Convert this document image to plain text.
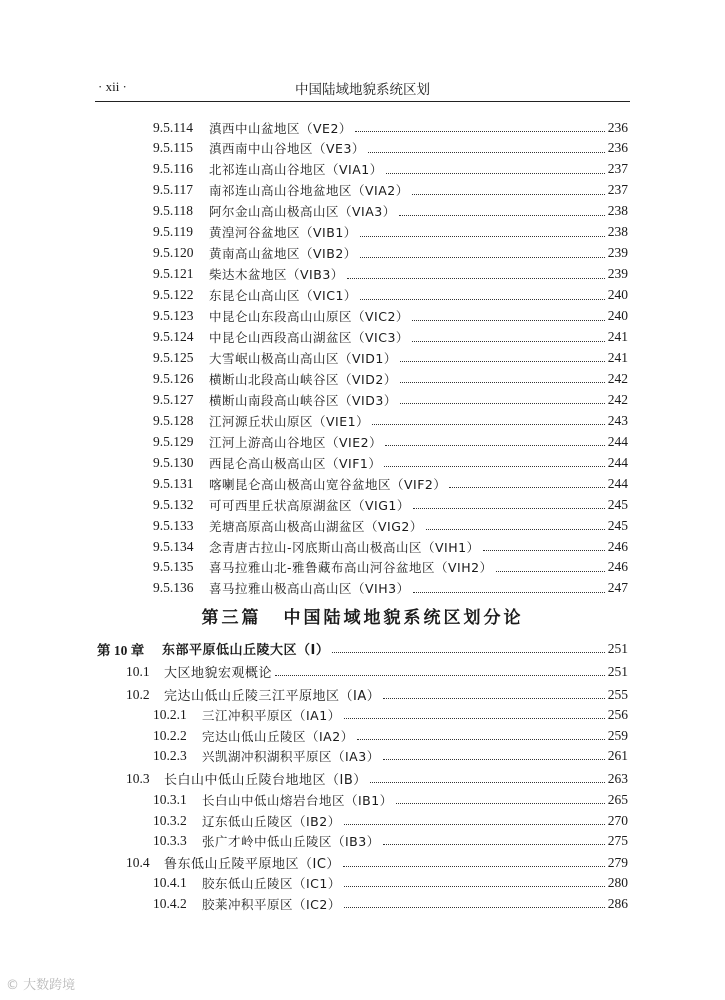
· xii ·	中国陆域地貌系统区划
9.5.114	滇西中山盆地区（VE2）	236
9.5.115	滇西南中山谷地区（VE3）	236
9.5.116	北祁连山高山谷地区（VIA1）	237
9.5.117	南祁连山高山谷地盆地区（VIA2）	237
9.5.118	阿尔金山高山极高山区（VIA3）	238
9.5.119	黄湟河谷盆地区（VIB1）	238
9.5.120	黄南高山盆地区（VIB2）	239
9.5.121	柴达木盆地区（VIB3）	239
9.5.122	东昆仑山高山区（VIC1）	240
9.5.123	中昆仑山东段高山山原区（VIC2）	240
9.5.124	中昆仑山西段高山湖盆区（VIC3）	241
9.5.125	大雪岷山极高山高山区（VID1）	241
9.5.126	横断山北段高山峡谷区（VID2）	242
9.5.127	横断山南段高山峡谷区（VID3）	242
9.5.128	江河源丘状山原区（VIE1）	243
9.5.129	江河上游高山谷地区（VIE2）	244
9.5.130	西昆仑高山极高山区（VIF1）	244
9.5.131	喀喇昆仑高山极高山宽谷盆地区（VIF2）	244
9.5.132	可可西里丘状高原湖盆区（VIG1）	245
9.5.133	羌塘高原高山极高山湖盆区（VIG2）	245
9.5.134	念青唐古拉山-冈底斯山高山极高山区（VIH1）	246
9.5.135	喜马拉雅山北-雅鲁藏布高山河谷盆地区（VIH2）	246
9.5.136	喜马拉雅山极高山高山区（VIH3）	247
第 10 章	东部平原低山丘陵大区（I）	251
10.1	大区地貌宏观概论	251
10.2	完达山低山丘陵三江平原地区（IA）	255
10.2.1	三江冲积平原区（IA1）	256
10.2.2	完达山低山丘陵区（IA2）	259
10.2.3	兴凯湖冲积湖积平原区（IA3）	261
10.3	长白山中低山丘陵台地地区（IB）	263
10.3.1	长白山中低山熔岩台地区（IB1）	265
10.3.2	辽东低山丘陵区（IB2）	270
10.3.3	张广才岭中低山丘陵区（IB3）	275
10.4	鲁东低山丘陵平原地区（IC）	279
10.4.1	胶东低山丘陵区（IC1）	280
10.4.2	胶莱冲积平原区（IC2）	286
第三篇 中国陆域地貌系统区划分论
© 大数跨境
